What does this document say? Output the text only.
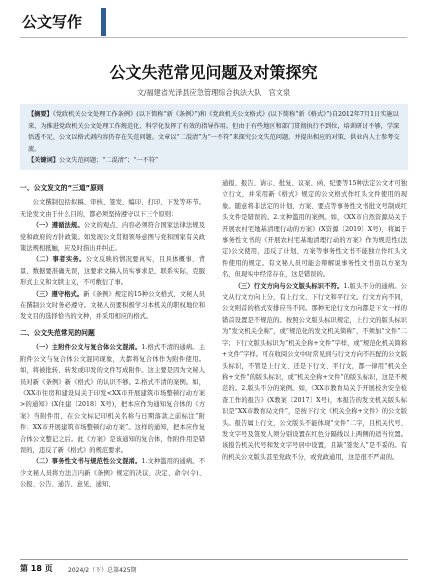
公文写作
公文失范常见问题及对策探究
文/福建省光泽县应急管理综合执法大队　官文泉
【摘要】《党政机关公文处理工作条例》(以下简称“新《条例》”)和《党政机关公文格式》(以下简称“新《格式》”)自2012年7月1日实施以来，为推进党政机关公文处理工作规范化、科学化发挥了有效的指导作用。但由于有些地区和部门贯彻执行不到位，培训研讨不够，学深悟透不足，公文以格式剥内容仍存在失范问题。文章以“二混清”为“一不符”来探究公文失范问题，并提出相应的对策，供业内人士参考交流。
【关键词】公文失范问题；“二混清”；“一不符”
一、公文发文的“三道”原则

公文撰制包括拟稿、审核、签发、编印、打印、下发等环节。无论发文由于什么目的，都必须坚持遵守以下三个原则：

（一）遵循法规。公文的观点、内容必须符合国家法律法规及党和政府的方针政策。如发现公文贯彻领导意图与党和国家有关政策法规相抵触，应及时指出并纠正。

（二）事者实务。公文反映的情况要真实，且具体概事、背景、数据要准确无误，这要求文稿人员实事求是，联系实际，克服形式主义和文牍主义，不可敷衍了事。

（三）遵守格式。新《条例》规定的15种公文格式，文秘人员在撰制公文时务必遵守。文秘人员要积极学习本机关的职权地位和发文目的选择恰当的文种，并采用相应的格式。

二、公文失范常见的问题

（一）主附件公文与复合体公文混淆。1.格式不清的通病。主附件公文与复合体公文混同现象，大都将复合体作为附件使用。如，将被批转、转发或印发的文件写成附件。这主要是因为文秘人员对新《条例》新《格式》的认识不够。2.格式不清的案例。如，《XX市住房和建设局关于印发<XX市开展建筑市场整顿行动方案>的通知》(X住建〔2018〕X号)，把本应作为通知复合体的《方案》当附件用，在公文标记印机关名称与日期落款之前标注“附件：XX市开展建筑市场整顿行动方案”。这样的通知，把本应作复合体公文整记之后。此《方案》是该通知的复合体，作附件用是错误的，违反了新《格式》的规范要求。

（二）事务性文书与规范性公文混淆。1.文种滥用的通病。不少文秘人员将方法言内新《条例》规定的决议、决定、命令(令)、公报、公告、通告、意见、通知、

通报、报告、请示、批复、议案、函、纪要等15种法定公文才可独立行文，并采用新《格式》规定的公文格式作红头文件使用的现象。随意将非法定的计划、方案、要点等事务性文书批文号制成红头文件是错误的。2.文种滥用的案例。如，《XX市自然资源局关于开展农村宅地基清理行动的方案》(X资源〔2019〕X号)，将属于事务性文书的《开展农村宅基地清理行动的方案》作为规范性(法定)公文使用，违反了计划、方案等事务性文书不能独立作红头文件使用的规定。有文秘人员可能会辩解说事务性文书虽以方案为名，但现实中经常存在，这是错误的。

（三）行文方向与公文版头标识不符。1.版头不分的通病。公文从行文方向上分，有上行文、下行文和平行文。行文方向不同，公文则首的格式安排应当不同。那种无论行文方向都是下文一样的错首设置是不规范的。按照公文版头标识规定，上行文的版头标识为“发文机关全称”，或“规范化的发文机关简称”，不须加“文件”二字；下行文版头标识为“机关全称+文件”字样，或“规范化机关简称+文件”字样。可在收阅公文中时常见到与行文方向不匹配的公文版头标识，不管是上行文、还是下行文、平行文，都一律用“机关全称+文件”的版头标识，或“机关全称+文件”的版头标识，这是不规范的。2.版头不分的案例。如，《XX市教育局关于开展校舍安全检查工作的报告》(X教案〔2017〕X号)，本报告的发文机关版头标识是“XX市教育局文件”，是按下行文《机关全称+文件》的公文版头。报告属上行文，公文版头不能体现“文件”二字，且机关代号、发文字号及签发人须分别设置在红色分隔线以上两侧的适当位置。该报告机关代号和发文字号居中设置，且缺“签发人”是不妥的。有的机关公文版头甚至党政不分，或党政通用，这是很不严肃的。

第 18 页	2024/2（下）总第425期
